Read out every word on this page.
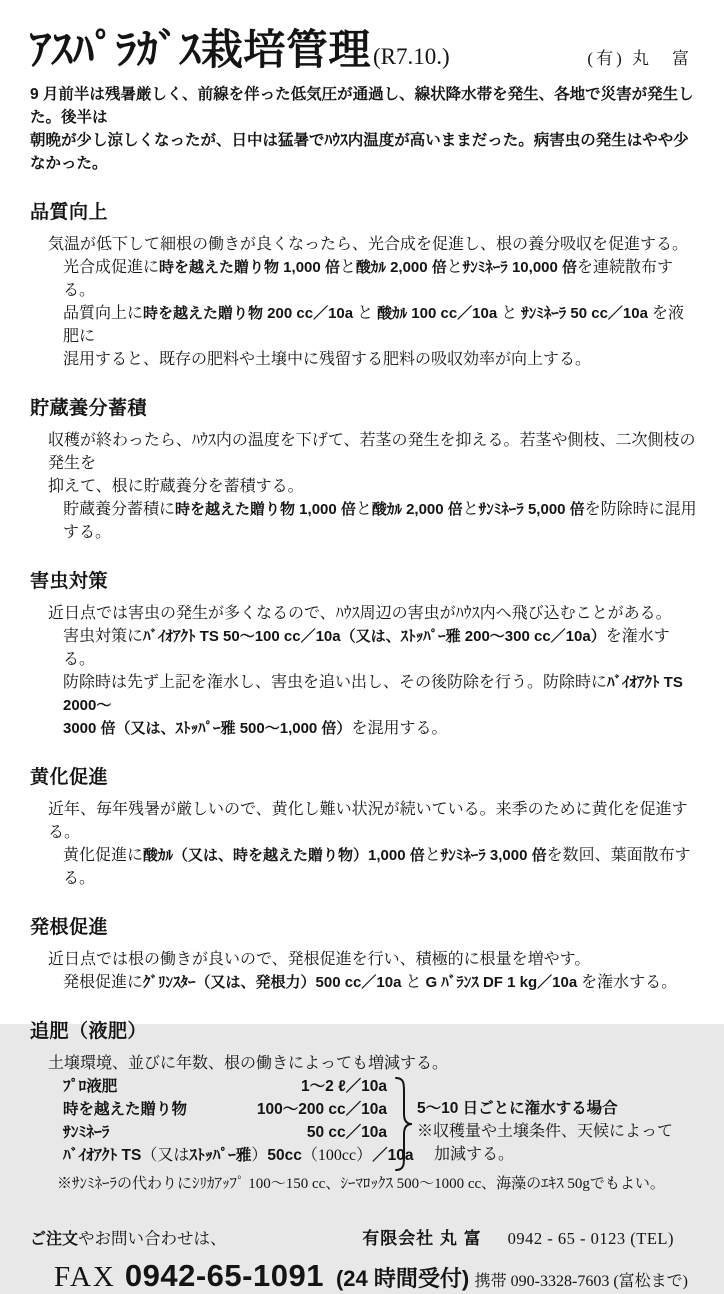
ｱｽﾊﾟﾗｶﾞｽ栽培管理 (R7.10.)	(有) 丸　富
9 月前半は残暑厳しく、前線を伴った低気圧が通過し、線状降水帯を発生、各地で災害が発生した。後半は
朝晩が少し涼しくなったが、日中は猛暑でﾊｳｽ内温度が高いままだった。病害虫の発生はやや少なかった。
品質向上

気温が低下して細根の働きが良くなったら、光合成を促進し、根の養分吸収を促進する。

光合成促進に時を越えた贈り物 1,000 倍と酸ｶﾙ 2,000 倍とｻﾝﾐﾈｰﾗ 10,000 倍を連続散布する。

品質向上に時を越えた贈り物 200 cc／10a と 酸ｶﾙ 100 cc／10a と ｻﾝﾐﾈｰﾗ 50 cc／10a を液肥に

混用すると、既存の肥料や土壌中に残留する肥料の吸収効率が向上する。

貯蔵養分蓄積

収穫が終わったら、ﾊｳｽ内の温度を下げて、若茎の発生を抑える。若茎や側枝、二次側枝の発生を

抑えて、根に貯蔵養分を蓄積する。

貯蔵養分蓄積に時を越えた贈り物 1,000 倍と酸ｶﾙ 2,000 倍とｻﾝﾐﾈｰﾗ 5,000 倍を防除時に混用する。

害虫対策

近日点では害虫の発生が多くなるので、ﾊｳｽ周辺の害虫がﾊｳｽ内へ飛び込むことがある。

害虫対策にﾊﾞｲｵｱｸﾄ TS 50～100 cc／10a（又は、ｽﾄｯﾊﾟｰ雅 200～300 cc／10a）を潅水する。

防除時は先ず上記を潅水し、害虫を追い出し、その後防除を行う。防除時にﾊﾞｲｵｱｸﾄ TS 2000～

3000 倍（又は、ｽﾄｯﾊﾟｰ雅 500～1,000 倍）を混用する。

黄化促進

近年、毎年残暑が厳しいので、黄化し難い状況が続いている。来季のために黄化を促進する。

黄化促進に酸ｶﾙ（又は、時を越えた贈り物）1,000 倍とｻﾝﾐﾈｰﾗ 3,000 倍を数回、葉面散布する。

発根促進

近日点では根の働きが良いので、発根促進を行い、積極的に根量を増やす。

発根促進にｸﾞﾘﾝｽﾀｰ（又は、発根力）500 cc／10a と G ﾊﾞﾗﾝｽ DF 1 kg／10a を潅水する。

追肥（液肥）

土壌環境、並びに年数、根の働きによっても増減する。

ﾌﾟﾛ液肥	1～2 ℓ／10a
時を越えた贈り物	100～200 cc／10a
ｻﾝﾐﾈｰﾗ	50 cc／10a
ﾊﾞｲｵｱｸﾄ TS（又はｽﾄｯﾊﾟｰ雅） 50cc（100cc）／10a
5～10 日ごとに潅水する場合
※収穫量や土壌条件、天候によって
加減する。

※ｻﾝﾐﾈｰﾗの代わりにｼﾘｶｱｯﾌﾟ 100～150 cc、ｼｰﾏﾛｯｸｽ 500～1000 cc、海藻のｴｷｽ 50gでもよい。

ご注文やお問い合わせは、	有限会社 丸 富 0942 - 65 - 0123 (TEL)
FAX 0942-65-1091 (24 時間受付) 携帯 090-3328-7603 (富松まで)
